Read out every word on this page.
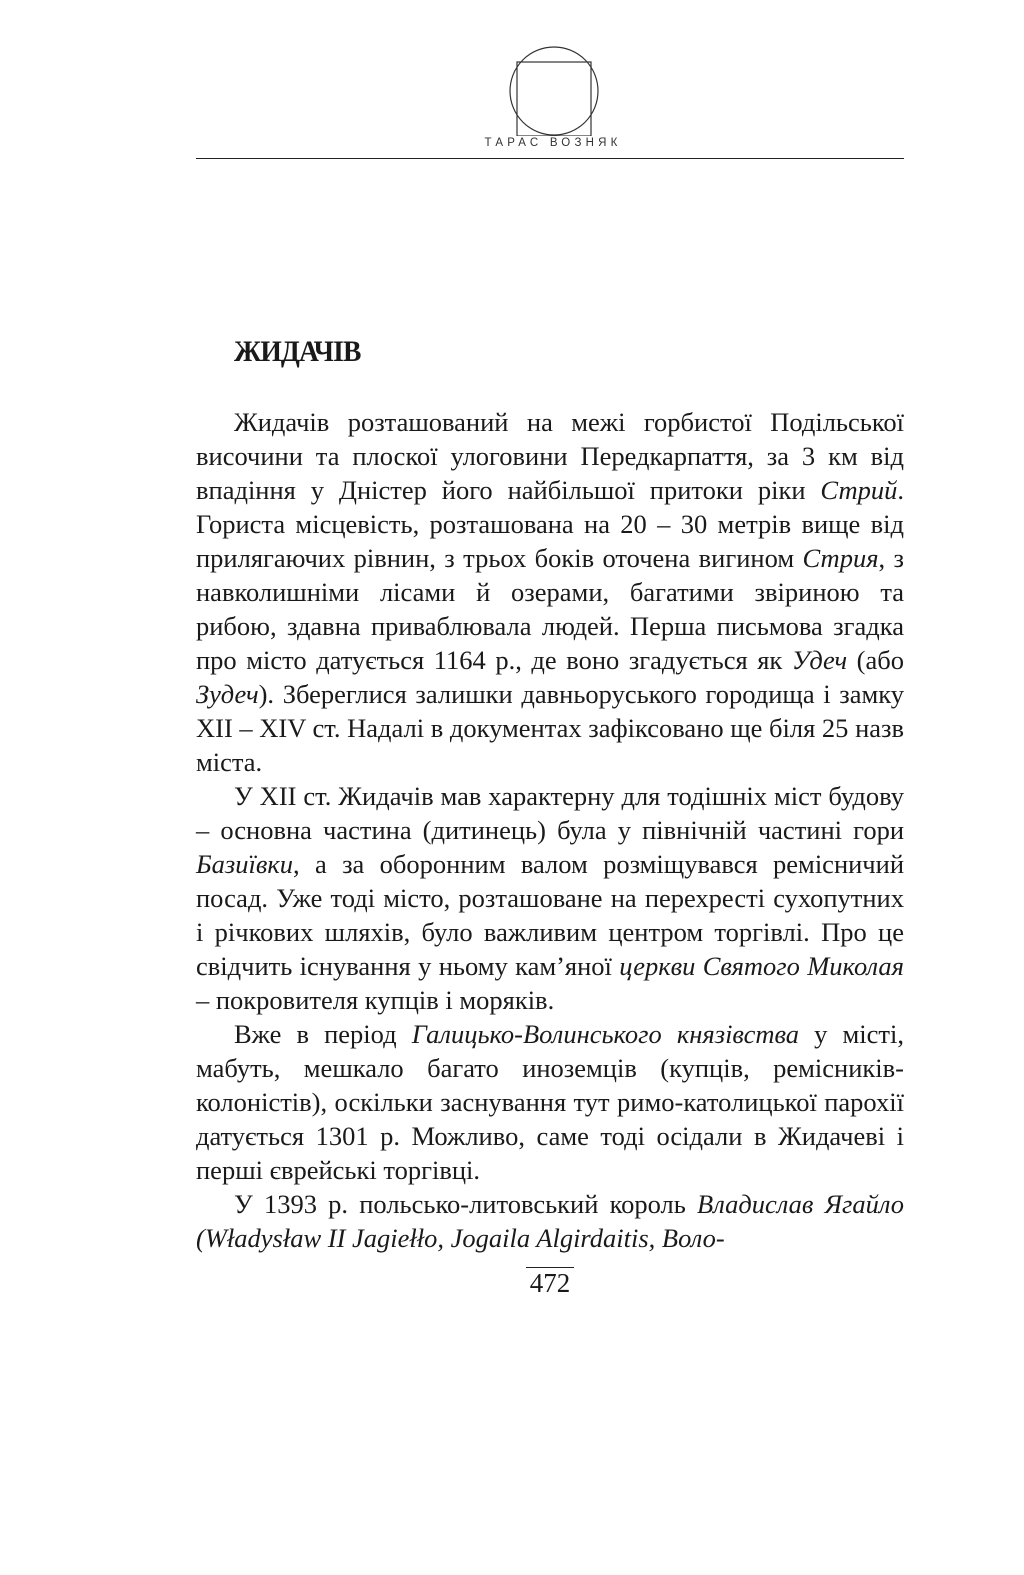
ТАРАС ВОЗНЯК
ЖИДАЧІВ

Жидачів розташований на межі горбистої Подільської височини та плоскої улоговини Передкарпаття, за 3 км від впадіння у Дністер його найбільшої притоки ріки Стрий. Гориста місцевість, розташована на 20 – 30 метрів вище від прилягаючих рівнин, з трьох боків оточена вигином Стрия, з навколишніми лісами й озерами, багатими звіриною та рибою, здавна приваблювала людей. Перша письмова згадка про місто датується 1164 р., де воно згадується як Удеч (або Зудеч). Збереглися залишки давньоруського городища і замку XII – XIV ст. Надалі в документах зафіксовано ще біля 25 назв міста.

У XII ст. Жидачів мав характерну для тодішніх міст будову – основна частина (дитинець) була у північній частині гори Базиївки, а за оборонним валом розміщувався ремісничий посад. Уже тоді місто, розташоване на перехресті сухопутних і річкових шляхів, було важливим центром торгівлі. Про це свідчить існування у ньому кам’яної церкви Святого Миколая – покровителя купців і моряків.

Вже в період Галицько-Волинського князівства у місті, мабуть, мешкало багато иноземців (купців, ремісників-колоністів), оскільки заснування тут римо-католицької парохії датується 1301 р. Можливо, саме тоді осідали в Жидачеві і перші єврейські торгівці.

У 1393 р. польсько-литовський король Владислав Ягайло (Władysław II Jagiełło, Jogaila Algirdaitis, Воло-

472
